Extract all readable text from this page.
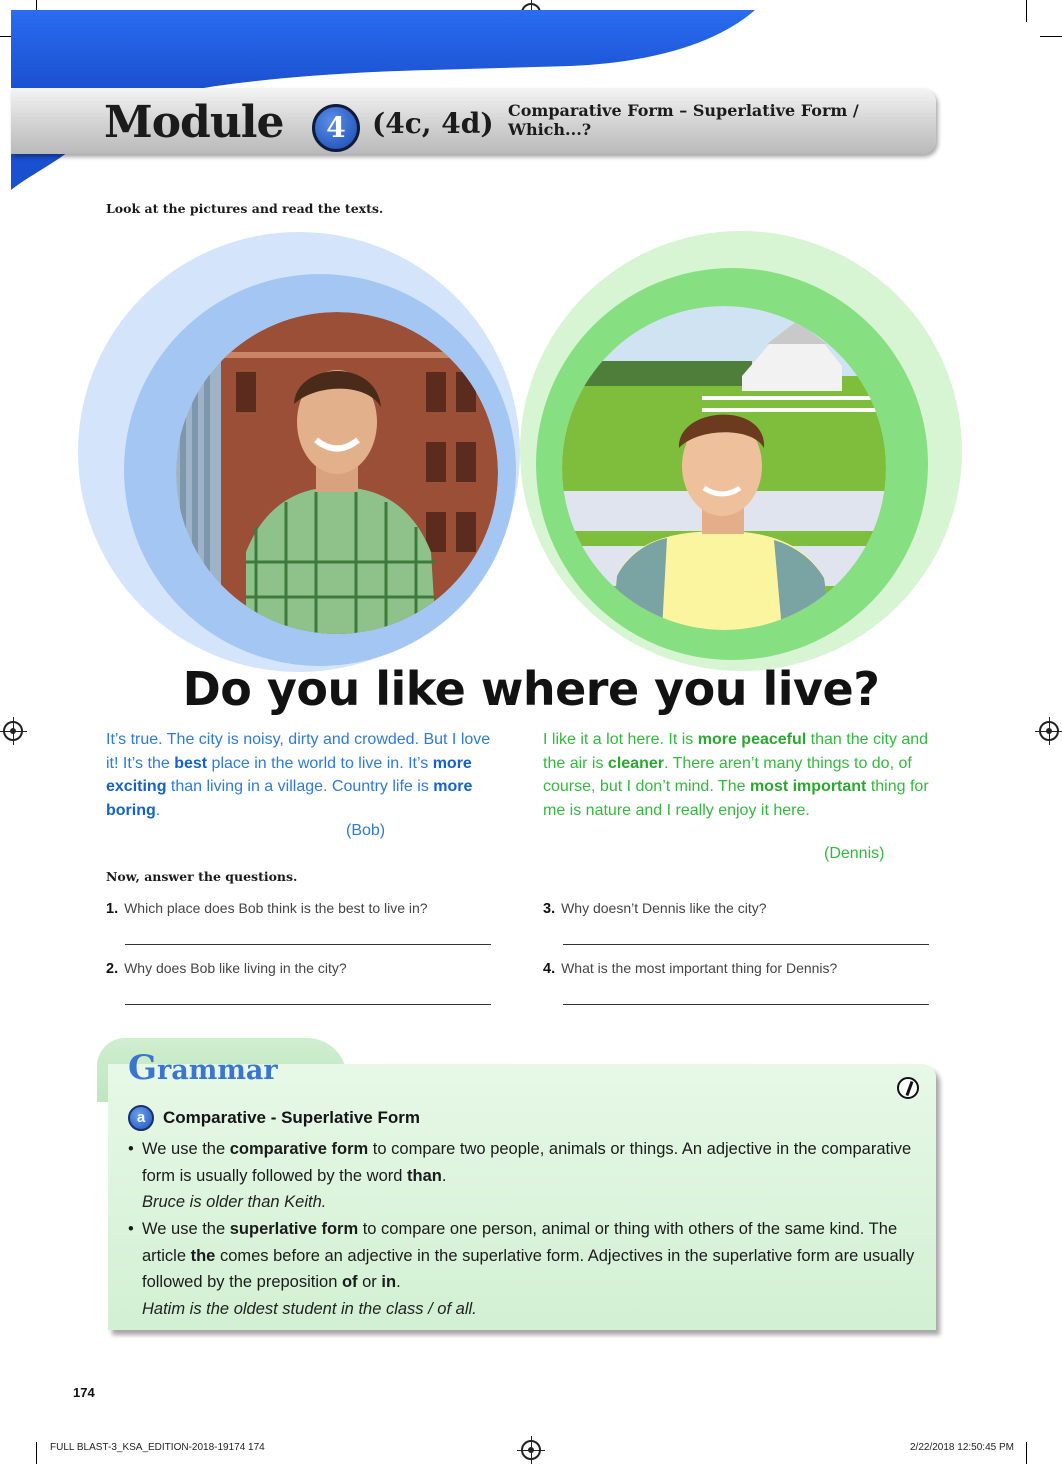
Module	4 (4c, 4d) Comparative Form – Superlative Form /
Which...?
Look at the pictures and read the texts.
Do you like where you live?
It’s true. The city is noisy, dirty and crowded. But I love it! It’s the best place in the world to live in. It’s more exciting than living in a village. Country life is more boring.
(Bob)
I like it a lot here. It is more peaceful than the city and the air is cleaner. There aren’t many things to do, of course, but I don’t mind. The most important thing for me is nature and I really enjoy it here.
(Dennis)
Now, answer the questions.
1. Which place does Bob think is the best to live in?
2. Why does Bob like living in the city?
3. Why doesn’t Dennis like the city?
4. What is the most important thing for Dennis?
Grammar
a	Comparative - Superlative Form
• We use the comparative form to compare two people, animals or things. An adjective in the comparative form is usually followed by the word than.
Bruce is older than Keith.
• We use the superlative form to compare one person, animal or thing with others of the same kind. The article the comes before an adjective in the superlative form. Adjectives in the superlative form are usually followed by the preposition of or in.
Hatim is the oldest student in the class / of all.
174
FULL BLAST-3_KSA_EDITION-2018-19174 174	2/22/2018 12:50:45 PM
